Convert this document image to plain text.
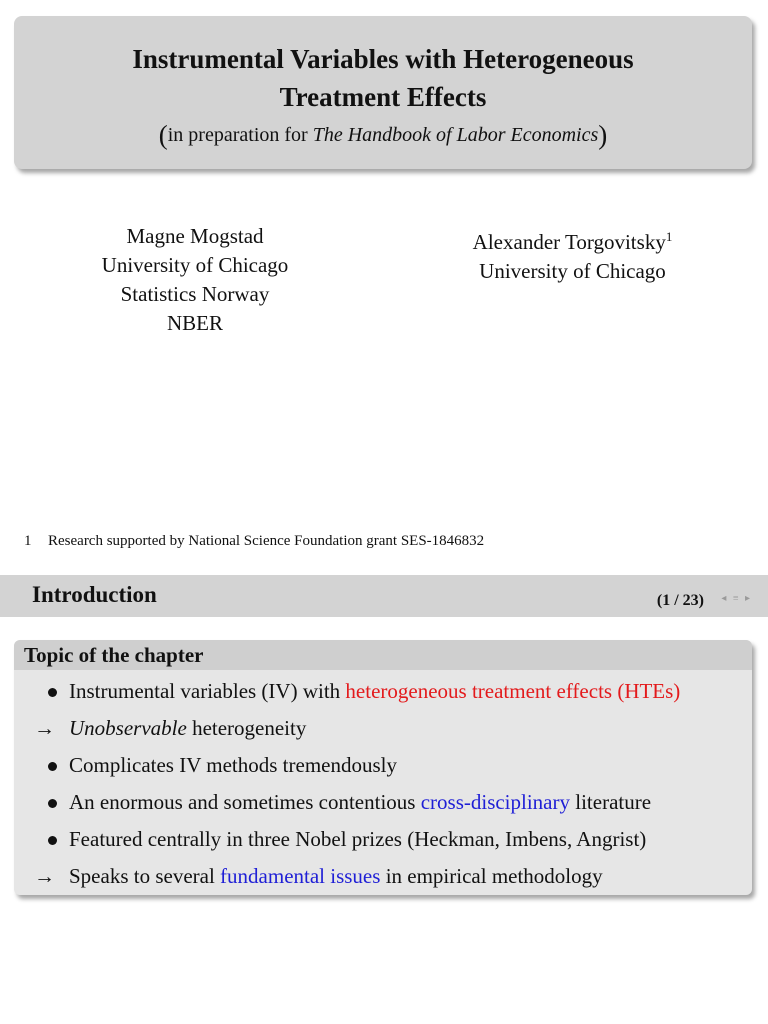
Instrumental Variables with Heterogeneous
Treatment Effects
(in preparation for The Handbook of Labor Economics)
Magne Mogstad
University of Chicago
Statistics Norway
NBER
Alexander Torgovitsky$^1$
University of Chicago
1 Research supported by National Science Foundation grant SES-1846832
Introduction	(1 / 23) ◂ ≡ ▸
Topic of the chapter
Instrumental variables (IV) with heterogeneous treatment effects (HTEs)
→ Unobservable heterogeneity
Complicates IV methods tremendously
An enormous and sometimes contentious cross-disciplinary literature
Featured centrally in three Nobel prizes (Heckman, Imbens, Angrist)
→ Speaks to several fundamental issues in empirical methodology
